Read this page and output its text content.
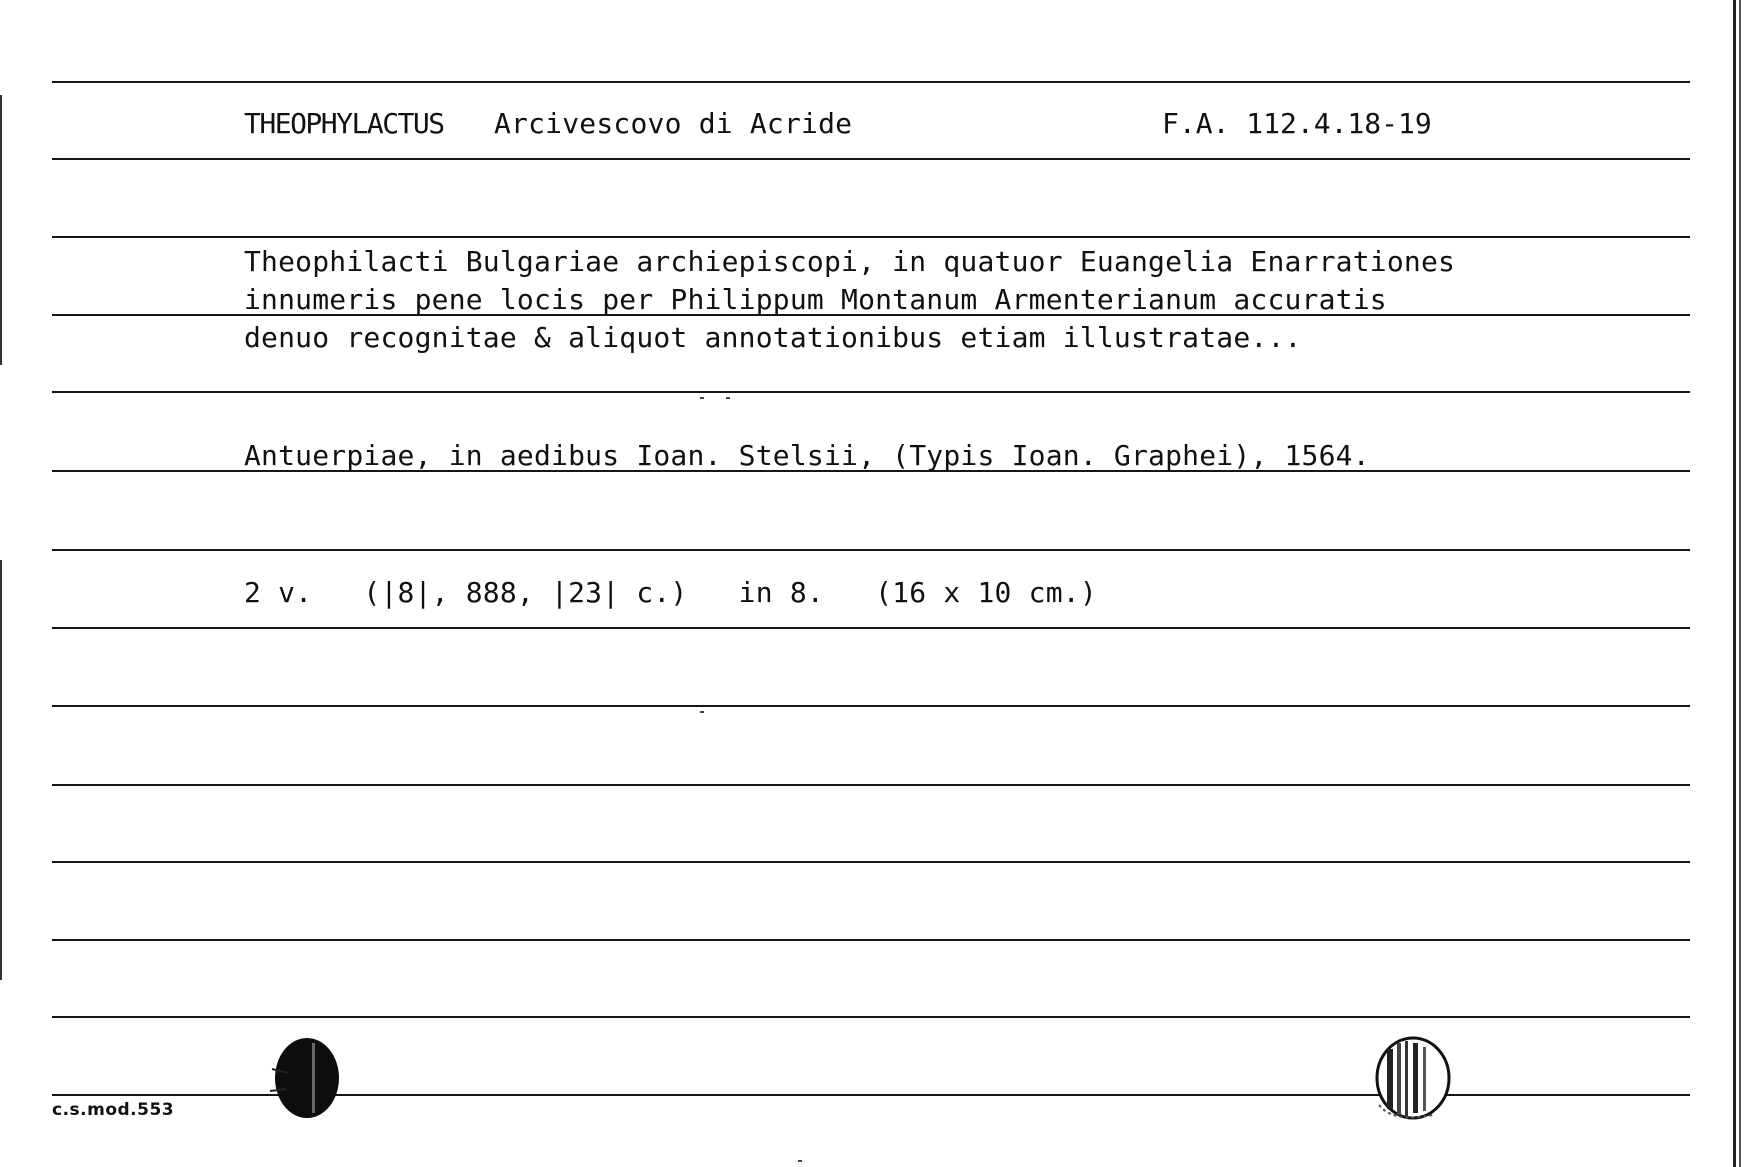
THEOPHYLACTUS Arcivescovo di Acride	F.A. 112.4.18-19
Theophilacti Bulgariae archiepiscopi, in quatuor Euangelia Enarrationes
innumeris pene locis per Philippum Montanum Armenterianum accuratis
denuo recognitae & aliquot annotationibus etiam illustratae...
Antuerpiae, in aedibus Ioan. Stelsii, (Typis Ioan. Graphei), 1564.
2 v.   (|8|, 888, |23| c.)   in 8.   (16 x 10 cm.)
c.s.mod.553
